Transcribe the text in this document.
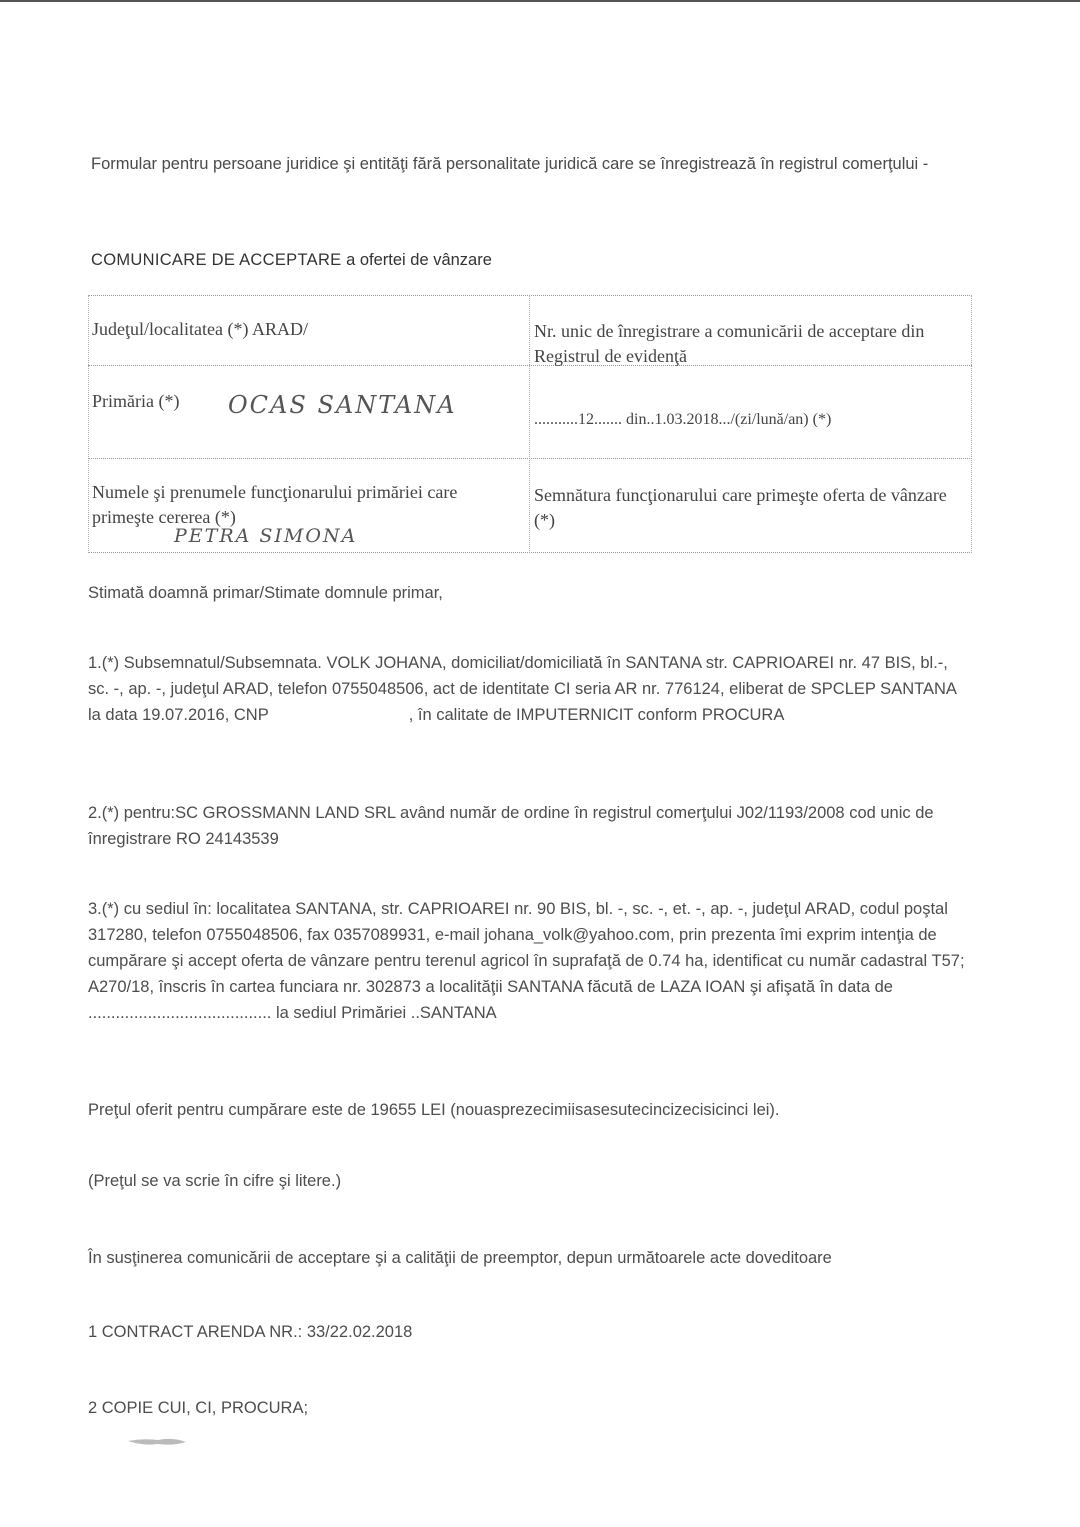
Formular pentru persoane juridice şi entităţi fără personalitate juridică care se înregistrează în registrul comerţului -
COMUNICARE DE ACCEPTARE a ofertei de vânzare
Judeţul/localitatea (*) ARAD/	Nr. unic de înregistrare a comunicării de acceptare din Registrul de evidenţă
Primăria (*) OCAS SANTANA
...........12....... din..1.03.2018.../(zi/lună/an) (*)
Numele şi prenumele funcţionarului primăriei care primeşte cererea (*)
PETRA SIMONA
Semnătura funcţionarului care primeşte oferta de vânzare (*)
Stimată doamnă primar/Stimate domnule primar,
1.(*) Subsemnatul/Subsemnata. VOLK JOHANA, domiciliat/domiciliată în SANTANA str. CAPRIOAREI nr. 47 BIS, bl.-, sc. -, ap. -, judeţul ARAD, telefon 0755048506, act de identitate CI seria AR nr. 776124, eliberat de SPCLEP SANTANA la data 19.07.2016, CNP	, în calitate de IMPUTERNICIT conform PROCURA
2.(*) pentru:SC GROSSMANN LAND SRL având număr de ordine în registrul comerţului J02/1193/2008 cod unic de înregistrare RO 24143539
3.(*) cu sediul în: localitatea SANTANA, str. CAPRIOAREI nr. 90 BIS, bl. -, sc. -, et. -, ap. -, judeţul ARAD, codul poştal 317280, telefon 0755048506, fax 0357089931, e-mail johana_volk@yahoo.com, prin prezenta îmi exprim intenţia de cumpărare şi accept oferta de vânzare pentru terenul agricol în suprafaţă de 0.74 ha, identificat cu număr cadastral T57; A270/18, înscris în cartea funciara nr. 302873 a localităţii SANTANA făcută de LAZA IOAN şi afişată în data de ........................................ la sediul Primăriei ..SANTANA
Preţul oferit pentru cumpărare este de 19655 LEI (nouasprezecimiisasesutecincizecisicinci lei).
(Preţul se va scrie în cifre şi litere.)
În susţinerea comunicării de acceptare şi a calităţii de preemptor, depun următoarele acte doveditoare
1 CONTRACT ARENDA NR.: 33/22.02.2018
2 COPIE CUI, CI, PROCURA;
